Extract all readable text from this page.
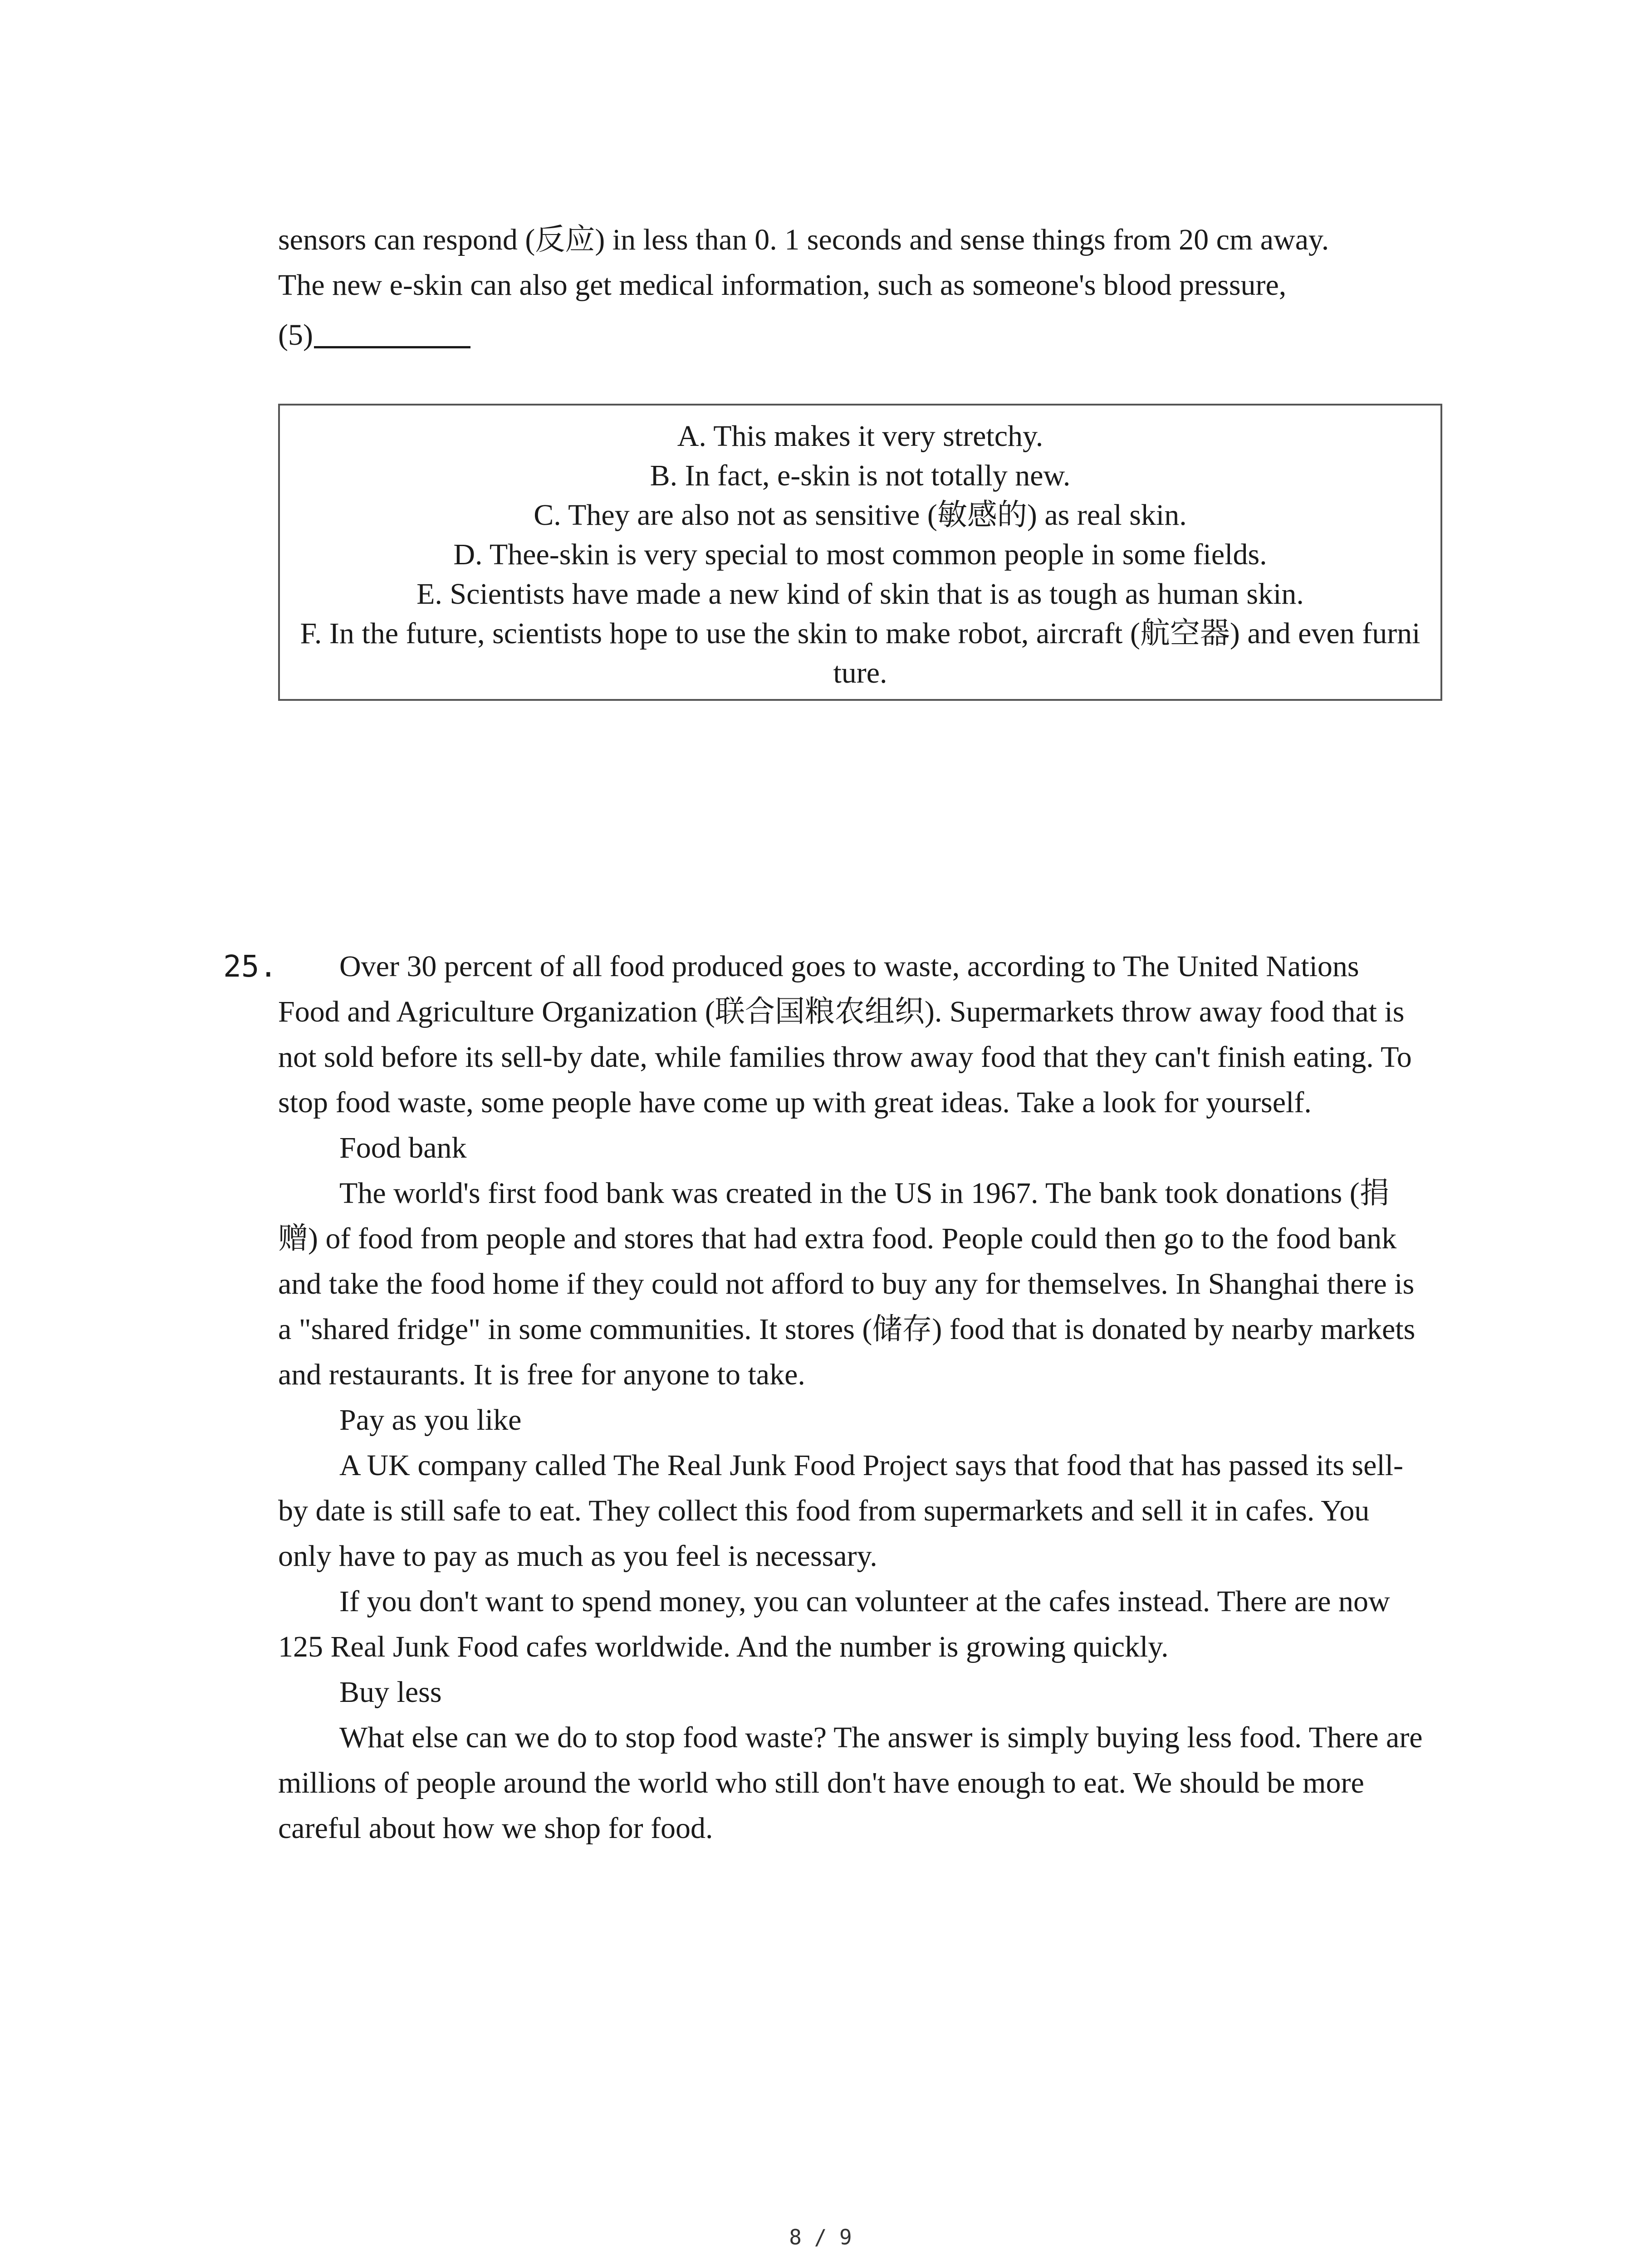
sensors can respond (反应) in less than 0. 1 seconds and sense things from 20 cm away.
The new e-skin can also get medical information, such as someone's blood pressure,
(5)
A. This makes it very stretchy.
B. In fact, e-skin is not totally new.
C. They are also not as sensitive (敏感的) as real skin.
D. Thee-skin is very special to most common people in some fields.
E. Scientists have made a new kind of skin that is as tough as human skin.
F. In the future, scientists hope to use the skin to make robot, aircraft (航空器) and even furni
ture.
25. Over 30 percent of all food produced goes to waste, according to The United Nations
Food and Agriculture Organization (联合国粮农组织). Supermarkets throw away food that is
not sold before its sell-by date, while families throw away food that they can't finish eating. To
stop food waste, some people have come up with great ideas. Take a look for yourself.
Food bank
The world's first food bank was created in the US in 1967. The bank took donations (捐
赠) of food from people and stores that had extra food. People could then go to the food bank
and take the food home if they could not afford to buy any for themselves. In Shanghai there is
a "shared fridge" in some communities. It stores (储存) food that is donated by nearby markets
and restaurants. It is free for anyone to take.
Pay as you like
A UK company called The Real Junk Food Project says that food that has passed its sell-
by date is still safe to eat. They collect this food from supermarkets and sell it in cafes. You
only have to pay as much as you feel is necessary.
If you don't want to spend money, you can volunteer at the cafes instead. There are now
125 Real Junk Food cafes worldwide. And the number is growing quickly.
Buy less
What else can we do to stop food waste? The answer is simply buying less food. There are
millions of people around the world who still don't have enough to eat. We should be more
careful about how we shop for food.
8 / 9
